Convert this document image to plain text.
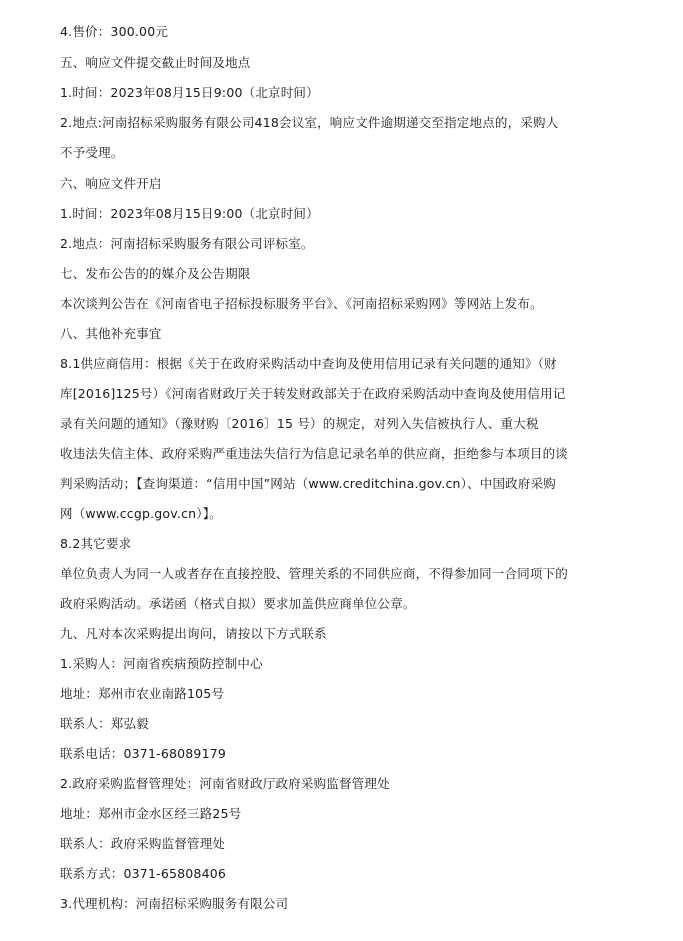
4.售价：300.00元
五、响应文件提交截止时间及地点
1.时间：2023年08月15日9:00（北京时间）
2.地点:河南招标采购服务有限公司418会议室，响应文件逾期递交至指定地点的，采购人
不予受理。
六、响应文件开启
1.时间：2023年08月15日9:00（北京时间）
2.地点：河南招标采购服务有限公司评标室。
七、发布公告的的媒介及公告期限
本次谈判公告在《河南省电子招标投标服务平台》、《河南招标采购网》等网站上发布。
八、其他补充事宜
8.1供应商信用：根据《关于在政府采购活动中查询及使用信用记录有关问题的通知》（财
库[2016]125号）《河南省财政厅关于转发财政部关于在政府采购活动中查询及使用信用记
录有关问题的通知》（豫财购〔2016〕15 号）的规定，对列入失信被执行人、重大税
收违法失信主体、政府采购严重违法失信行为信息记录名单的供应商，拒绝参与本项目的谈
判采购活动；【查询渠道：“信用中国”网站（www.creditchina.gov.cn）、中国政府采购
网（www.ccgp.gov.cn）】。
8.2其它要求
单位负责人为同一人或者存在直接控股、管理关系的不同供应商，不得参加同一合同项下的
政府采购活动。承诺函（格式自拟）要求加盖供应商单位公章。
九、凡对本次采购提出询问，请按以下方式联系
1.采购人：河南省疾病预防控制中心
地址：郑州市农业南路105号
联系人：郑弘毅
联系电话：0371-68089179
2.政府采购监督管理处：河南省财政厅政府采购监督管理处
地址：郑州市金水区经三路25号
联系人：政府采购监督管理处
联系方式：0371-65808406
3.代理机构：河南招标采购服务有限公司
